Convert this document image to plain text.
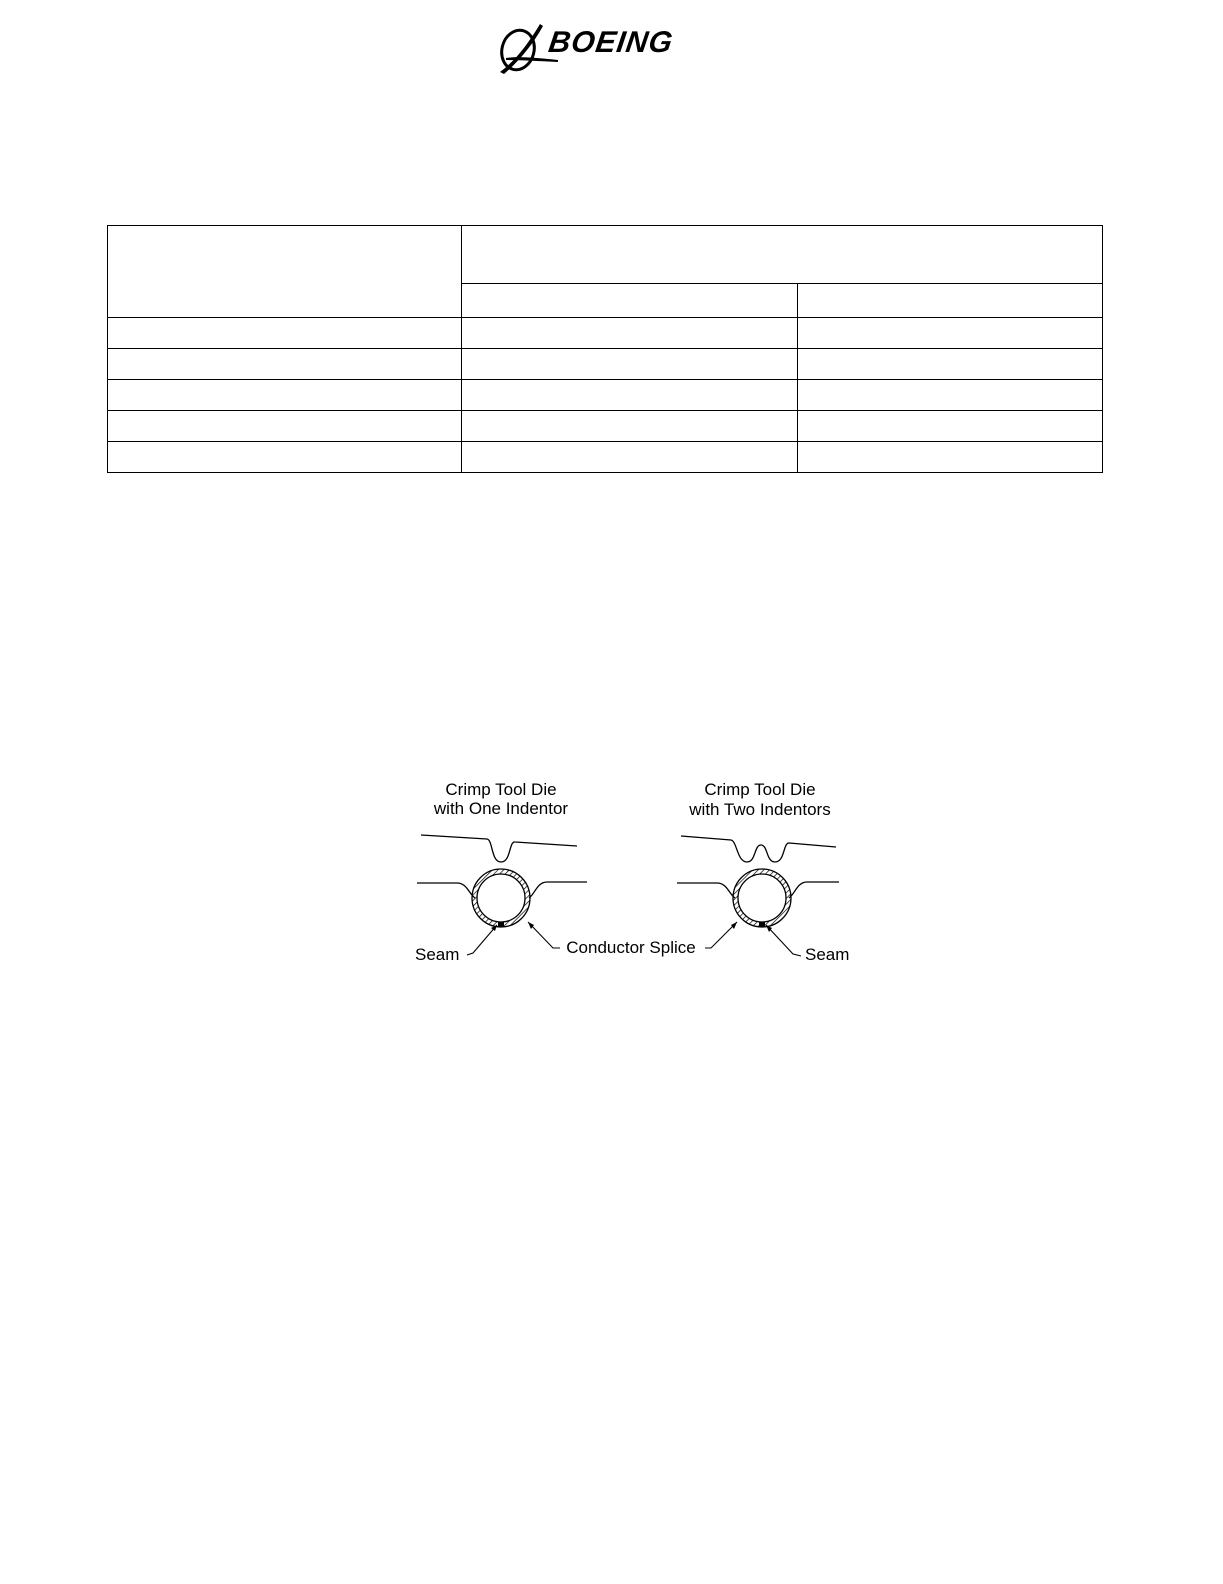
BOEING

Crimp Tool Die
with One Indentor
Crimp Tool Die
with Two Indentors
Seam	Conductor Splice	Seam
